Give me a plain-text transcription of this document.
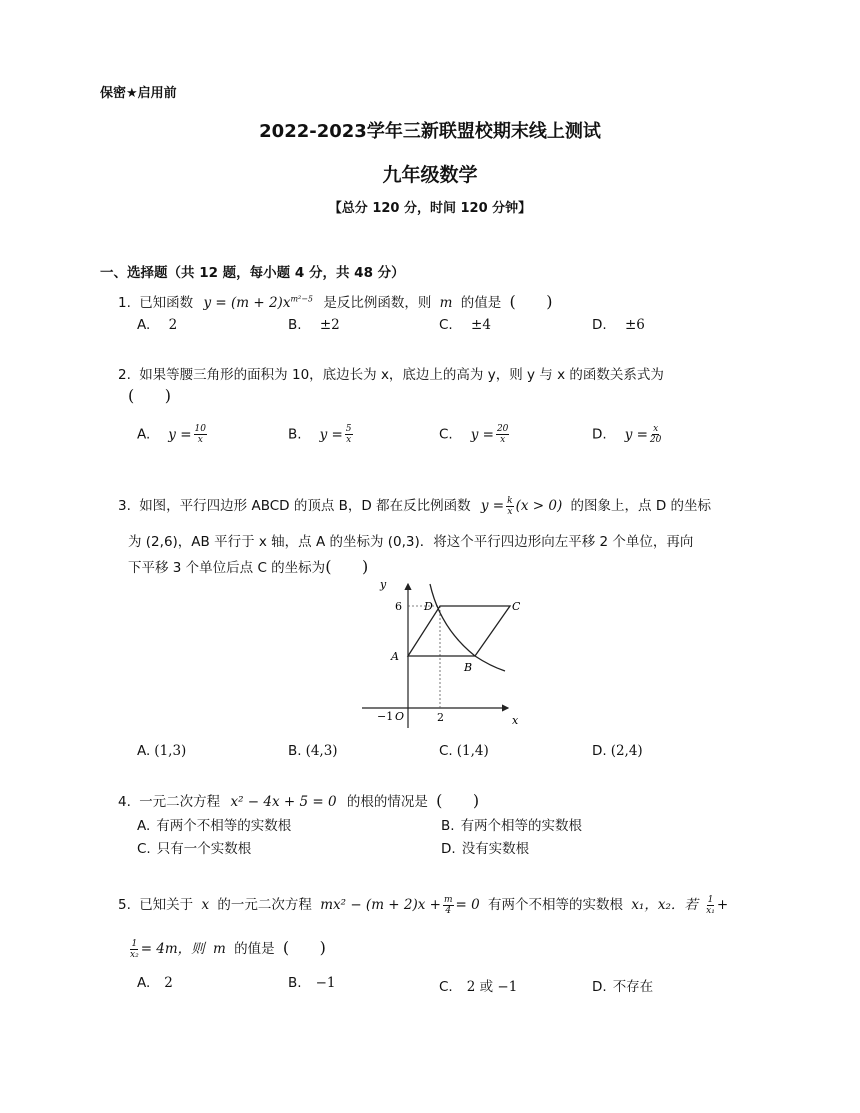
保密★启用前
2022-2023学年三新联盟校期末线上测试
九年级数学
【总分 120 分，时间 120 分钟】
一、选择题（共 12 题，每小题 4 分，共 48 分）
1. 已知函数 $y = (m + 2)x^{m^2-5}$ 是反比例函数，则 m 的值是 (      )
A. 2	B. ±2	C. ±4	D. ±6
2. 如果等腰三角形的面积为 10，底边长为 x，底边上的高为 y，则 y 与 x 的函数关系式为
(      )
A. $y = \frac{10}{x}$	B. $y = \frac{5}{x}$	C. $y = \frac{20}{x}$	D. $y = \frac{x}{20}$
3. 如图，平行四边形 ABCD 的顶点 B，D 都在反比例函数 $y = \frac{k}{x} (x > 0)$ 的图象上，点 D 的坐标
为 (2,6)，AB 平行于 x 轴，点 A 的坐标为 (0,3)．将这个平行四边形向左平移 2 个单位，再向
下平移 3 个单位后点 C 的坐标为(      )
y
x
6
A
−1 O	2
D	C
B
A. (1,3)	B. (4,3)	C. (1,4)	D. (2,4)
4. 一元二次方程 x² − 4x + 5 = 0 的根的情况是 (      )
A. 有两个不相等的实数根	B. 有两个相等的实数根
C. 只有一个实数根	D. 没有实数根
5. 已知关于 x 的一元二次方程 $mx^2 - (m + 2)x + \frac{m}{4} = 0$ 有两个不相等的实数根 x₁，x₂．若 $\frac{1}{\text{x₁}}$ +
$\frac{1}{\text{x₂}} = 4m$，则 m 的值是 (      )
A. 2	B. −1	C. 2 或 −1	D. 不存在
